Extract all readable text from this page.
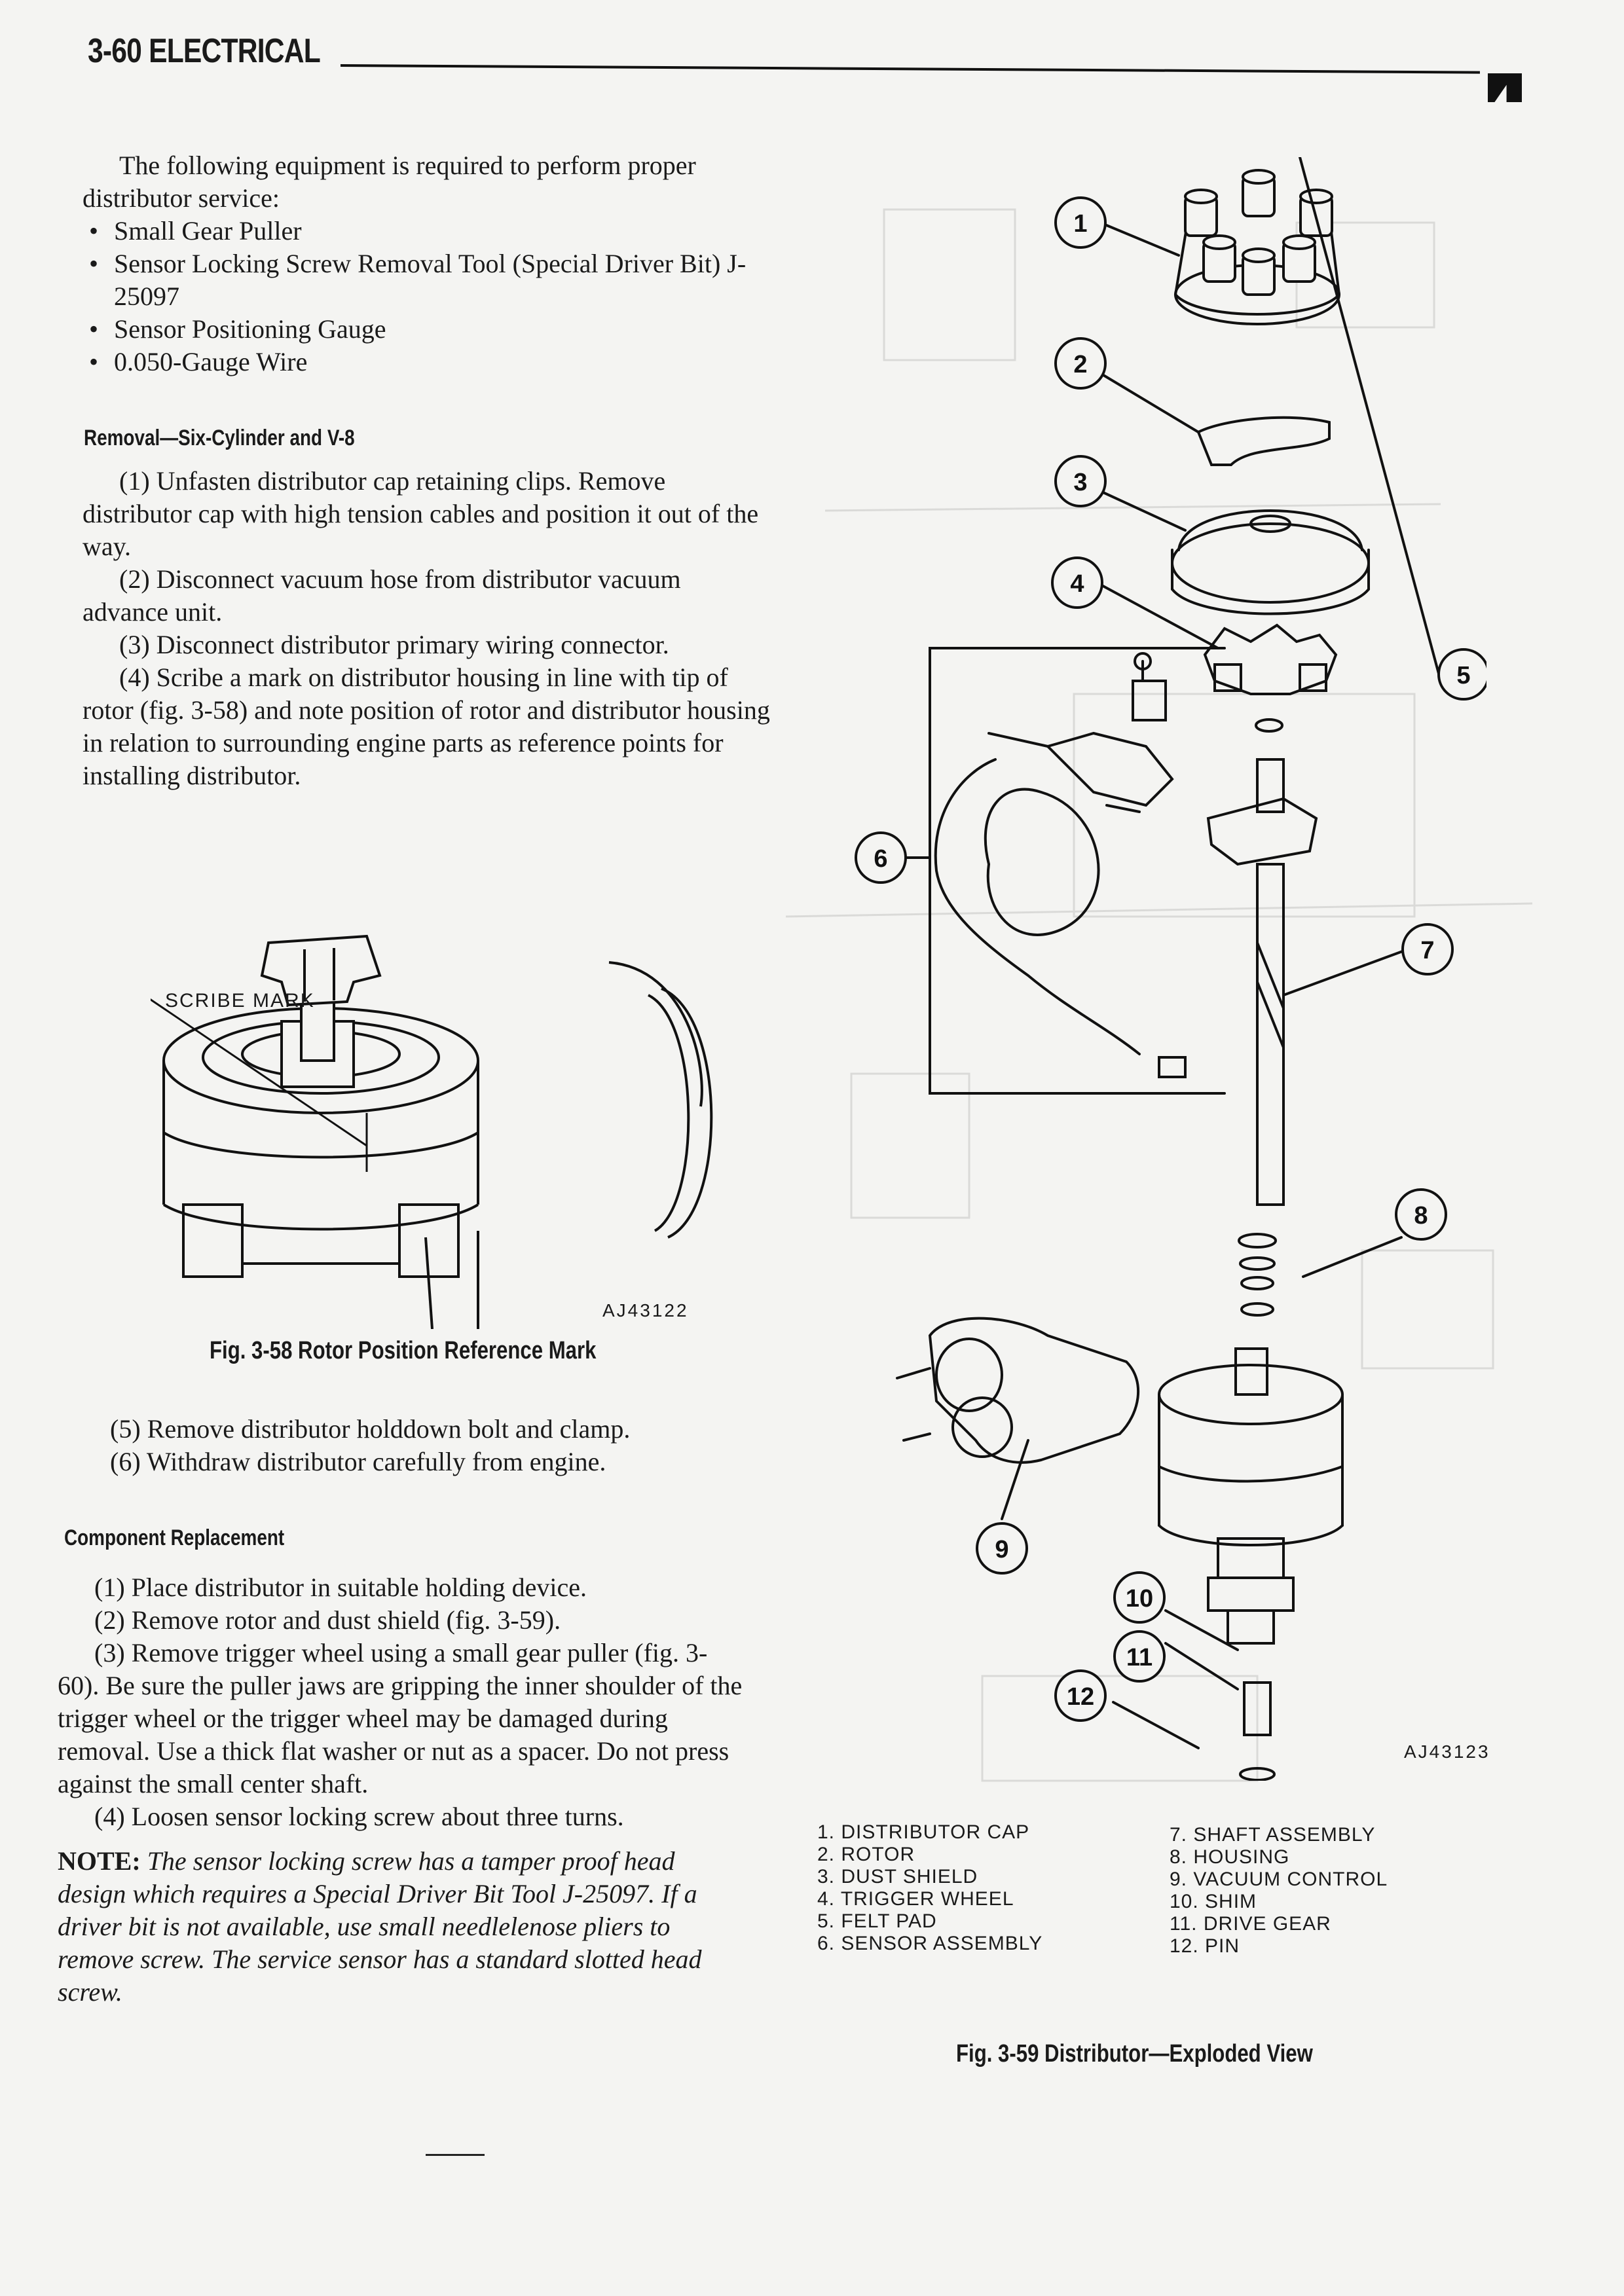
3-60 ELECTRICAL

The following equipment is required to perform proper distributor service:

• Small Gear Puller

• Sensor Locking Screw Removal Tool (Special Driver Bit) J-25097

• Sensor Positioning Gauge

• 0.050-Gauge Wire

Removal—Six-Cylinder and V-8

(1) Unfasten distributor cap retaining clips. Remove distributor cap with high tension cables and position it out of the way.

(2) Disconnect vacuum hose from distributor vacuum advance unit.

(3) Disconnect distributor primary wiring connector.

(4) Scribe a mark on distributor housing in line with tip of rotor (fig. 3-58) and note position of rotor and distributor housing in relation to surrounding engine parts as reference points for installing distributor.

SCRIBE MARK
AJ43122
Fig. 3-58 Rotor Position Reference Mark

(5) Remove distributor holddown bolt and clamp.

(6) Withdraw distributor carefully from engine.

Component Replacement

(1) Place distributor in suitable holding device.

(2) Remove rotor and dust shield (fig. 3-59).

(3) Remove trigger wheel using a small gear puller (fig. 3-60). Be sure the puller jaws are gripping the inner shoulder of the trigger wheel or the trigger wheel may be damaged during removal. Use a thick flat washer or nut as a spacer. Do not press against the small center shaft.

(4) Loosen sensor locking screw about three turns.

NOTE: The sensor locking screw has a tamper proof head design which requires a Special Driver Bit Tool J-25097. If a driver bit is not available, use small needlelenose pliers to remove screw. The service sensor has a standard slotted head screw.

1
2
3
4
5
6
7
8
9
10
11
12
AJ43123
1. DISTRIBUTOR CAP
2. ROTOR
3. DUST SHIELD
4. TRIGGER WHEEL
5. FELT PAD
6. SENSOR ASSEMBLY
7. SHAFT ASSEMBLY
8. HOUSING
9. VACUUM CONTROL
10. SHIM
11. DRIVE GEAR
12. PIN
Fig. 3-59 Distributor—Exploded View
